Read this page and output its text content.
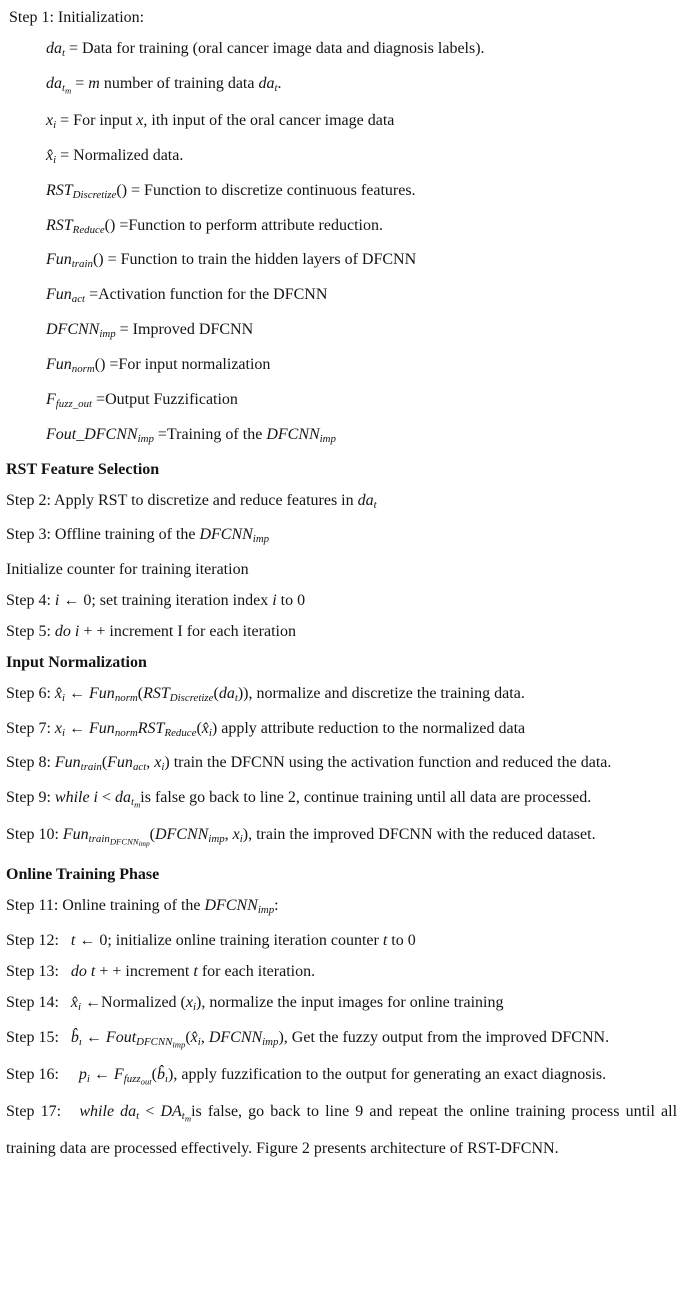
Step 1: Initialization:

dat = Data for training (oral cancer image data and diagnosis labels).

dat$_m$ = m number of training data dat.

xi = For input x, ith input of the oral cancer image data

x̂i = Normalized data.

RSTDiscretize() = Function to discretize continuous features.

RSTReduce() =Function to perform attribute reduction.

Funtrain() = Function to train the hidden layers of DFCNN

Funact =Activation function for the DFCNN

DFCNNimp = Improved DFCNN

Funnorm() =For input normalization

Ffuzz_out =Output Fuzzification

Fout_DFCNNimp =Training of the DFCNNimp

RST Feature Selection

Step 2: Apply RST to discretize and reduce features in dat

Step 3: Offline training of the DFCNNimp

Initialize counter for training iteration

Step 4: i ← 0; set training iteration index i to 0

Step 5: do i + + increment I for each iteration

Input Normalization

Step 6: x̂i ← Funnorm(RSTDiscretize(dat)), normalize and discretize the training data.

Step 7: xi ← FunnormRSTReduce(x̂i) apply attribute reduction to the normalized data

Step 8: Funtrain(Funact, xi) train the DFCNN using the activation function and reduced the data.

Step 9: while i < dat$_m$is false go back to line 2, continue training until all data are processed.

Step 10: Funtrain$_{DFCNNimp}$(DFCNNimp, xi), train the improved DFCNN with the reduced dataset.

Online Training Phase

Step 11: Online training of the DFCNNimp:

Step 12:   t ← 0; initialize online training iteration counter t to 0

Step 13:   do t + + increment t for each iteration.

Step 14:   x̂i ←Normalized (xi), normalize the input images for online training

Step 15:   b̂ı ← FoutDFCNN$_{imp}$(x̂i, DFCNNimp), Get the fuzzy output from the improved DFCNN.

Step 16:     pi ← Ffuzz$_{out}$(b̂ı), apply fuzzification to the output for generating an exact diagnosis.

Step 17:   while dat < DAt$_m$is false, go back to line 9 and repeat the online training process until all training data are processed effectively. Figure 2 presents architecture of RST-DFCNN.
